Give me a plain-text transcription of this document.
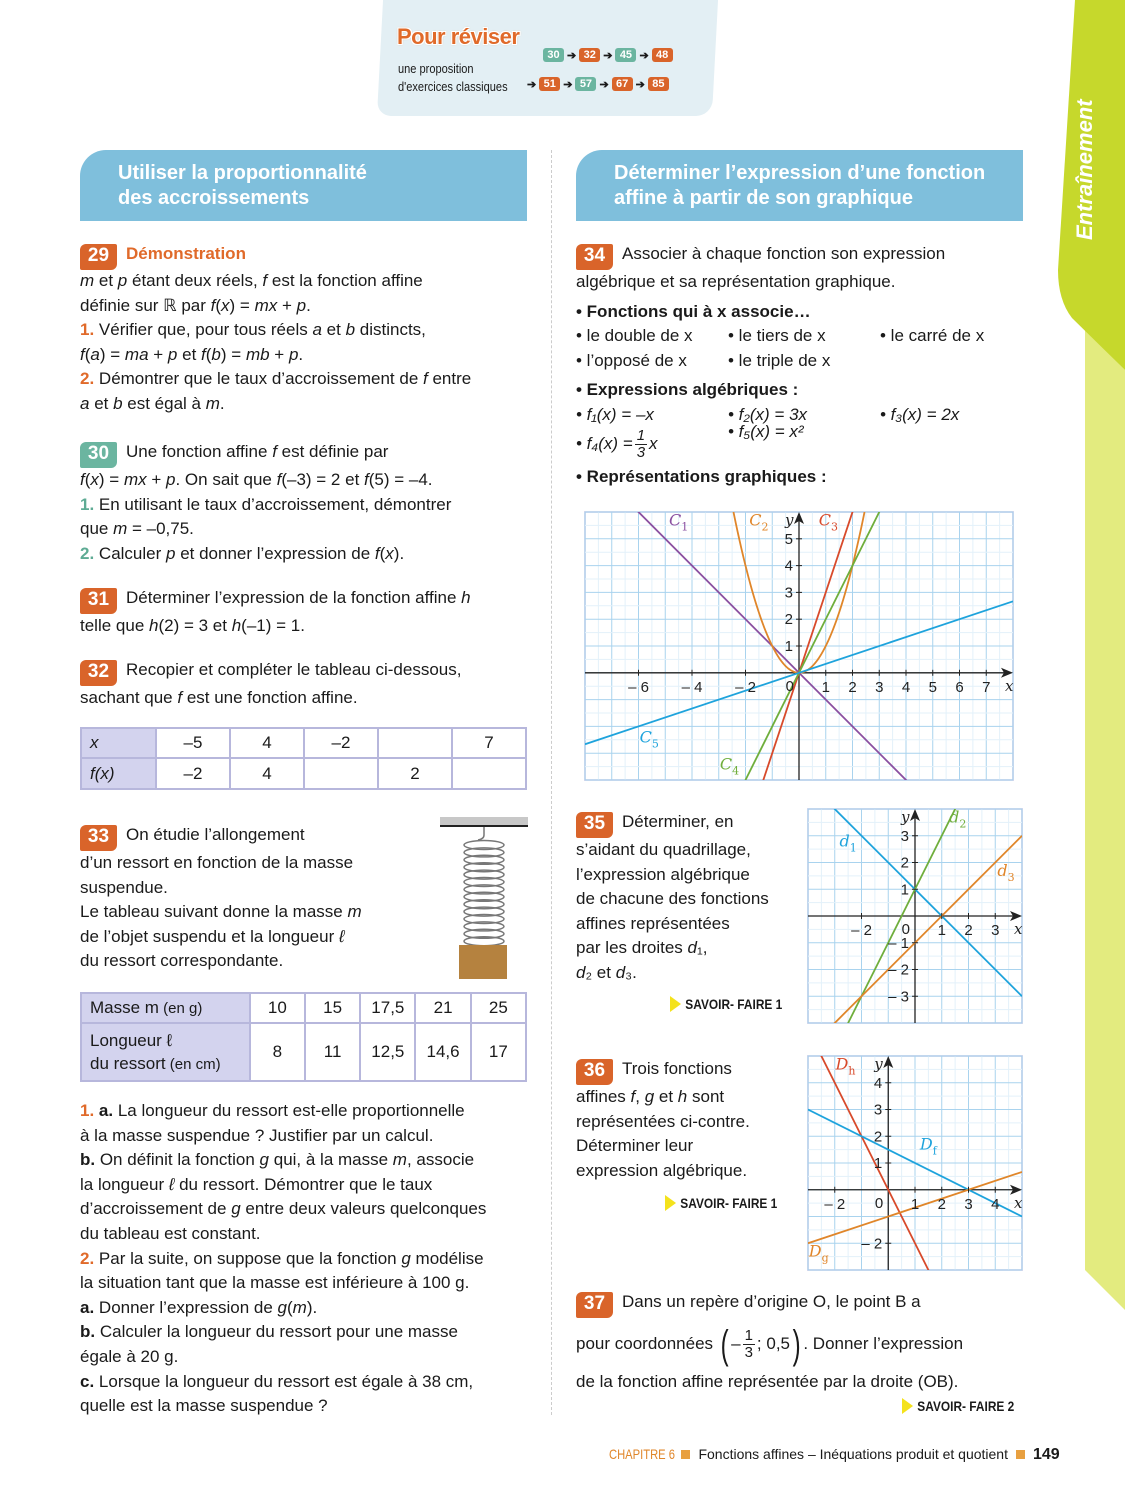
Entraînement
Pour réviser
une proposition
d'exercices classiques
30 ➔ 32 ➔ 45 ➔ 48
➔ 51 ➔ 57 ➔ 67 ➔ 85
Utiliser la proportionnalité
des accroissements
Déterminer l’expression d’une fonction
affine à partir de son graphique
29 Démonstration
m et p étant deux réels, f est la fonction affine
définie sur ℝ par f(x) = mx + p.
1. Vérifier que, pour tous réels a et b distincts,
f(a) = ma + p et f(b) = mb + p.
2. Démontrer que le taux d’accroissement de f entre
a et b est égal à m.
30 Une fonction affine f est définie par
f(x) = mx + p. On sait que f(–3) = 2 et f(5) = –4.
1. En utilisant le taux d’accroissement, démontrer
que m = –0,75.
2. Calculer p et donner l’expression de f(x).
31 Déterminer l’expression de la fonction affine h
telle que h(2) = 3 et h(–1) = 1.
32 Recopier et compléter le tableau ci-dessous,
sachant que f est une fonction affine.
x	–5	4	–2		7
f(x)	–2	4		2	
33 On étudie l’allongement
d’un ressort en fonction de la masse
suspendue.
Le tableau suivant donne la masse m
de l’objet suspendu et la longueur ℓ
du ressort correspondante.
Masse m (en g)	10	15	17,5	21	25

Longueur ℓ
du ressort (en cm)	8	11	12,5	14,6	17
1. a. La longueur du ressort est-elle proportionnelle
à la masse suspendue ? Justifier par un calcul.
b. On définit la fonction g qui, à la masse m, associe
la longueur ℓ du ressort. Démontrer que le taux
d’accroissement de g entre deux valeurs quelconques
du tableau est constant.
2. Par la suite, on suppose que la fonction g modélise
la situation tant que la masse est inférieure à 100 g.
a. Donner l’expression de g(m).
b. Calculer la longueur du ressort pour une masse
égale à 20 g.
c. Lorsque la longueur du ressort est égale à 38 cm,
quelle est la masse suspendue ?
34 Associer à chaque fonction son expression
algébrique et sa représentation graphique.
• Fonctions qui à x associe…
• le double de x • le tiers de x	• le carré de x
• l’opposé de x • le triple de x
• Expressions algébriques :
• f₁(x) = –x	• f₂(x) = 3x	• f₃(x) = 2x
• $f_4(x) = \frac{1}{3}$ x• f₅(x) = x²
• Représentations graphiques :
$C_1$	$C_2$	$C_3$
$C_4$
$C_5$
– 6 – 4 – 2	1 2 3 4 5 6 7
1
2
3
4
5
0	x
y
35 Déterminer, en
s’aidant du quadrillage,
l’expression algébrique
de chacune des fonctions
affines représentées
par les droites d₁,
d₂ et d₃.
SAVOIR- FAIRE 1
$d_1$
$d_2$
$d_3$
– 2	1 2 3
3
2
1
– 1
– 2
– 3
0	x
y
36 Trois fonctions
affines f, g et h sont
représentées ci-contre.
Déterminer leur
expression algébrique.
SAVOIR- FAIRE 1
$D_h$
$D_f$
$D_g$
– 2	1 2 3 4
4
3
2
1
– 2
0	x
y
37 Dans un repère d’origine O, le point B a
pour coordonnées ( – $\frac{1}{3}$ ; 0,5) . Donner l’expression
de la fonction affine représentée par la droite (OB).
SAVOIR- FAIRE 2
CHAPITRE 6 Fonctions affines – Inéquations produit et quotient 149
